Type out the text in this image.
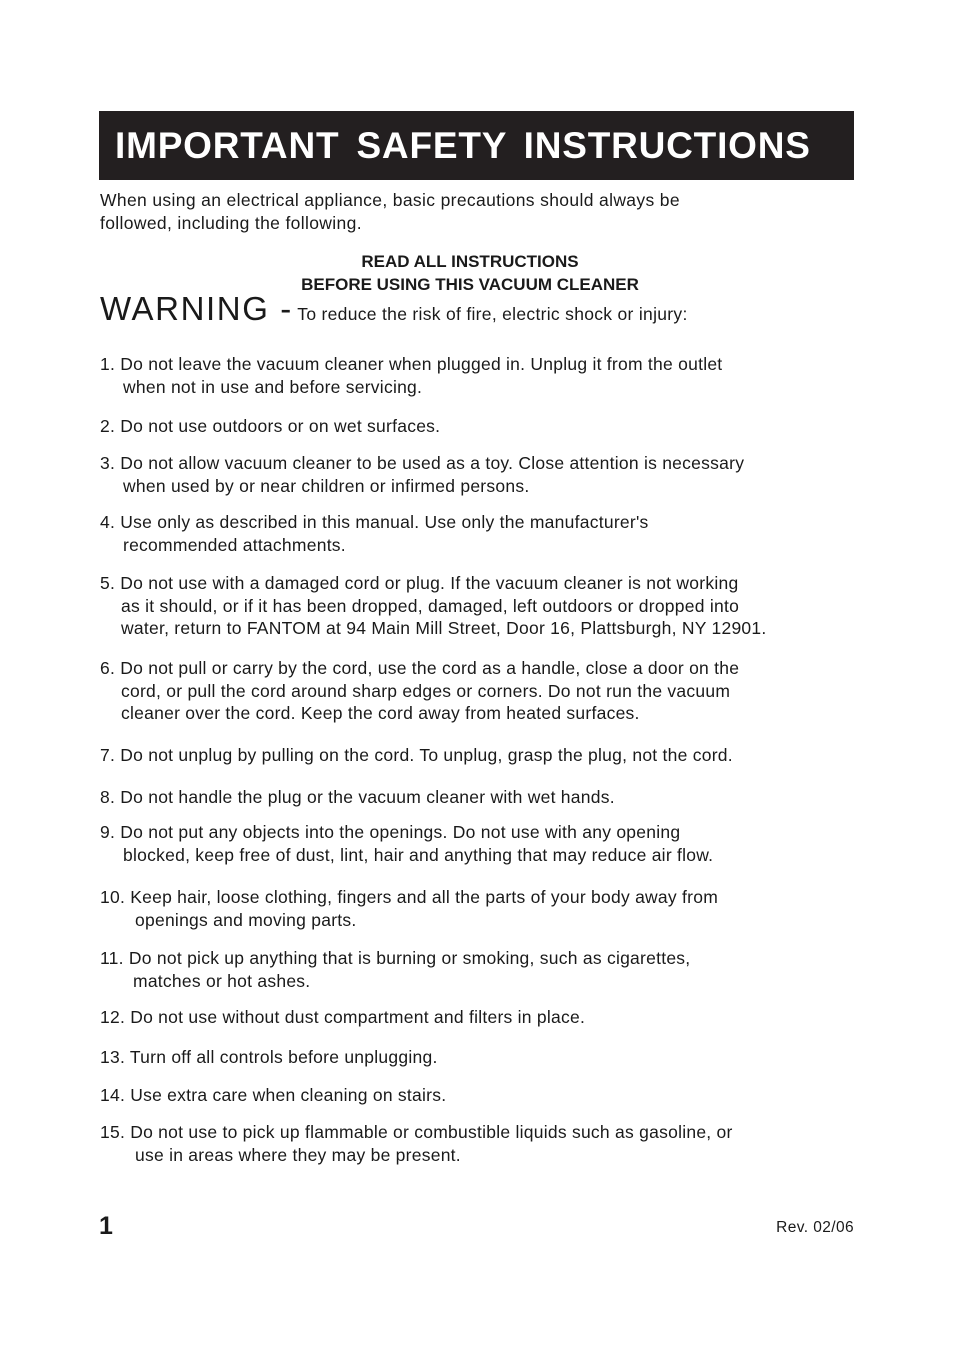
IMPORTANT SAFETY INSTRUCTIONS

When using an electrical appliance, basic precautions should always be
followed, including the following.

READ ALL INSTRUCTIONS
BEFORE USING THIS VACUUM CLEANER
WARNING - To reduce the risk of fire, electric shock or injury:

1. Do not leave the vacuum cleaner when plugged in. Unplug it from the outlet
when not in use and before servicing.

2. Do not use outdoors or on wet surfaces.

3. Do not allow vacuum cleaner to be used as a toy. Close attention is necessary
when used by or near children or infirmed persons.

4. Use only as described in this manual. Use only the manufacturer's
recommended attachments.

5. Do not use with a damaged cord or plug. If the vacuum cleaner is not working
as it should, or if it has been dropped, damaged, left outdoors or dropped into
water, return to FANTOM at 94 Main Mill Street, Door 16, Plattsburgh, NY 12901.

6. Do not pull or carry by the cord, use the cord as a handle, close a door on the
cord, or pull the cord around sharp edges or corners. Do not run the vacuum
cleaner over the cord. Keep the cord away from heated surfaces.

7. Do not unplug by pulling on the cord. To unplug, grasp the plug, not the cord.

8. Do not handle the plug or the vacuum cleaner with wet hands.

9. Do not put any objects into the openings. Do not use with any opening
blocked, keep free of dust, lint, hair and anything that may reduce air flow.

10. Keep hair, loose clothing, fingers and all the parts of your body away from
openings and moving parts.

11. Do not pick up anything that is burning or smoking, such as cigarettes,
matches or hot ashes.

12. Do not use without dust compartment and filters in place.

13. Turn off all controls before unplugging.

14. Use extra care when cleaning on stairs.

15. Do not use to pick up flammable or combustible liquids such as gasoline, or
use in areas where they may be present.

1	Rev. 02/06
